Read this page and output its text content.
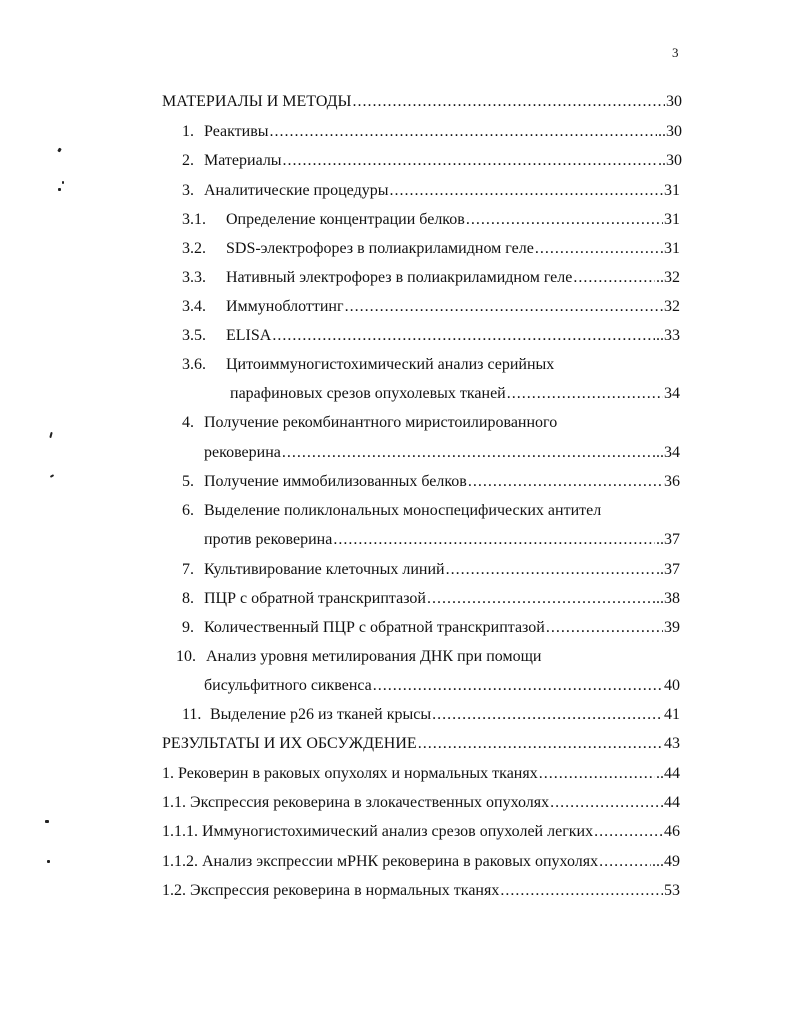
3
МАТЕРИАЛЫ И МЕТОДЫ .....	30
1. Реактивы .....	..30
2. Материалы .....	..30
3. Аналитические процедуры .....	31
3.1.	Определение концентрации белков .....	31
3.2.	SDS-электрофорез в полиакриламидном геле .....	31
3.3.	Нативный электрофорез в полиакриламидном геле .....	..32
3.4.	Иммуноблоттинг .....	32
3.5.	ELISA .....	..33
3.6.	Цитоиммуногистохимический анализ серийных
парафиновых срезов опухолевых тканей .....	34
4. Получение рекомбинантного миристоилированного
рековерина .....	...34
5. Получение иммобилизованных белков .....	36
6. Выделение поликлональных моноспецифических антител
против рековерина .....	..37
7. Культивирование клеточных линий .....	..37
8. ПЦР с обратной транскриптазой .....	...38
9. Количественный ПЦР с обратной транскриптазой .....	39
10. Анализ уровня метилирования ДНК при помощи
бисульфитного сиквенса .....	40
11. Выделение p26 из тканей крысы .....	41
РЕЗУЛЬТАТЫ И ИХ ОБСУЖДЕНИЕ .....	43
1. Рековерин в раковых опухолях и нормальных тканях .....	..44
1.1. Экспрессия рековерина в злокачественных опухолях .....	44
1.1.1. Иммуногистохимический анализ срезов опухолей легких .....	46
1.1.2. Анализ экспрессии мРНК рековерина в раковых опухолях .....	...49
1.2. Экспрессия рековерина в нормальных тканях .....	53
